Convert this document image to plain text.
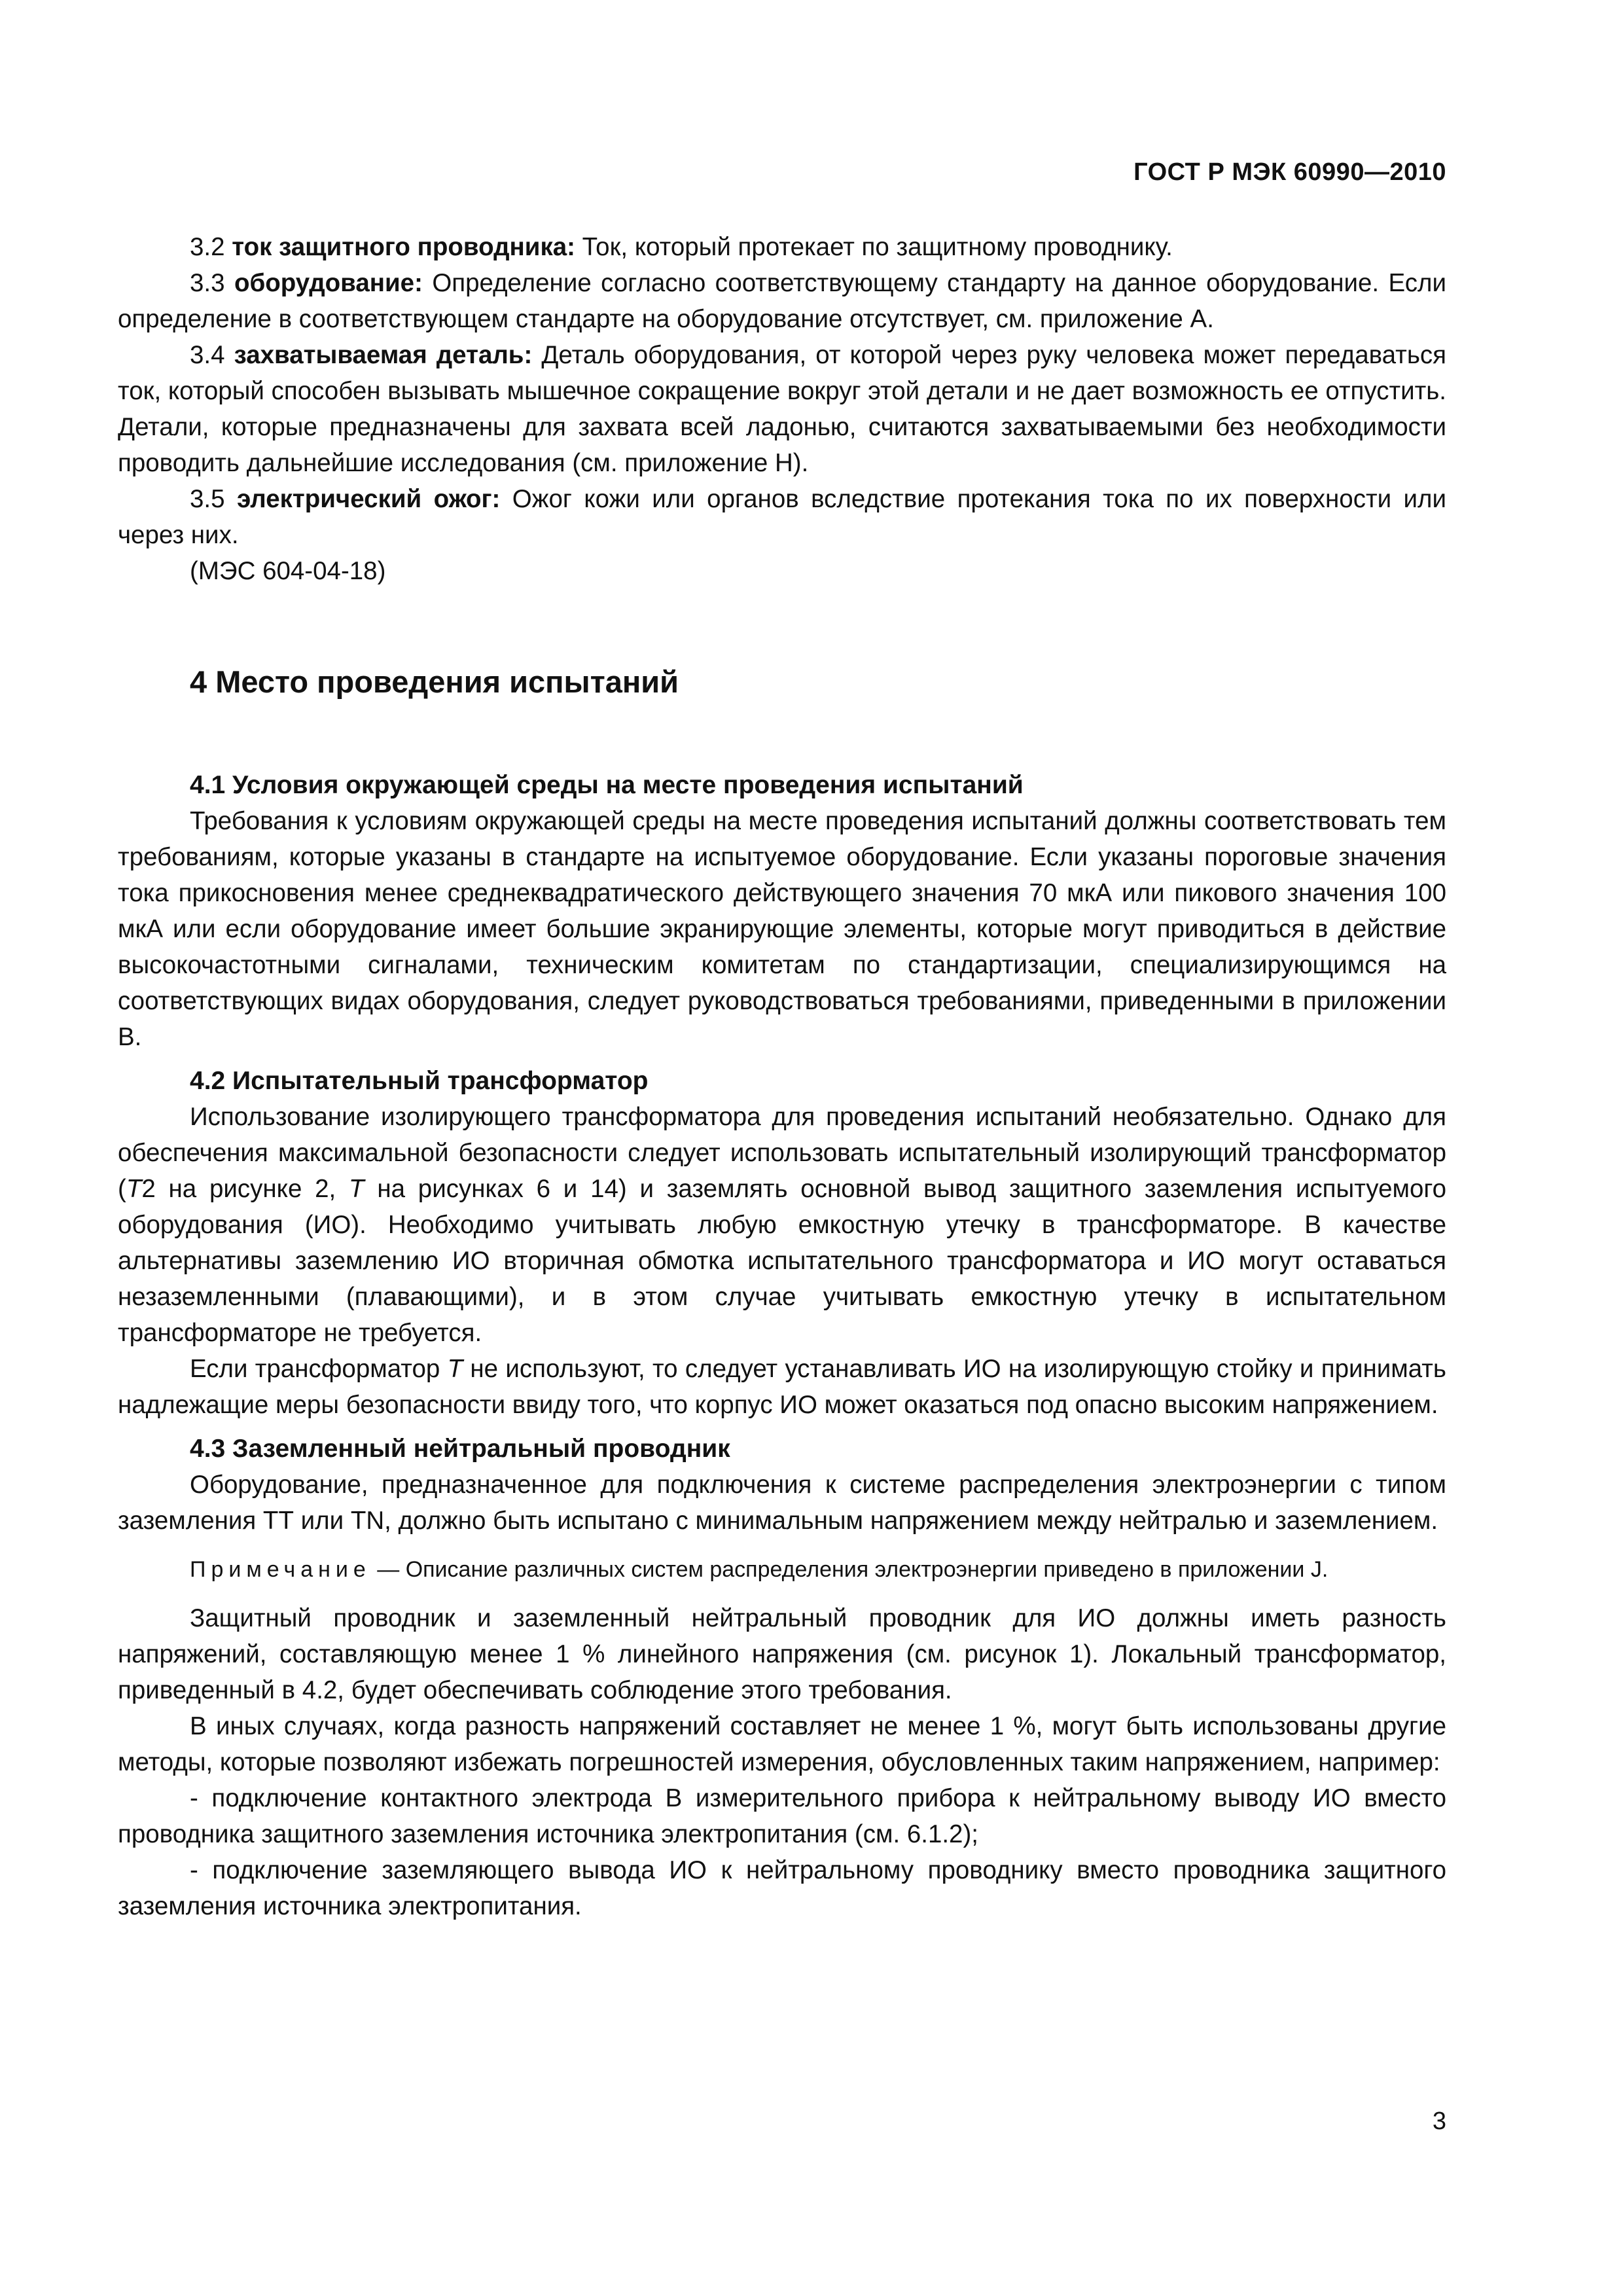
ГОСТ Р МЭК 60990—2010

3.2 ток защитного проводника: Ток, который протекает по защитному проводнику.

3.3 оборудование: Определение согласно соответствующему стандарту на данное оборудование. Если определение в соответствующем стандарте на оборудование отсутствует, см. приложение А.

3.4 захватываемая деталь: Деталь оборудования, от которой через руку человека может передаваться ток, который способен вызывать мышечное сокращение вокруг этой детали и не дает возможность ее отпустить. Детали, которые предназначены для захвата всей ладонью, считаются захватываемыми без необходимости проводить дальнейшие исследования (см. приложение Н).

3.5 электрический ожог: Ожог кожи или органов вследствие протекания тока по их поверхности или через них.

(МЭС 604-04-18)

4 Место проведения испытаний
4.1 Условия окружающей среды на месте проведения испытаний

Требования к условиям окружающей среды на месте проведения испытаний должны соответствовать тем требованиям, которые указаны в стандарте на испытуемое оборудование. Если указаны пороговые значения тока прикосновения менее среднеквадратического действующего значения 70 мкА или пикового значения 100 мкА или если оборудование имеет большие экранирующие элементы, которые могут приводиться в действие высокочастотными сигналами, техническим комитетам по стандартизации, специализирующимся на соответствующих видах оборудования, следует руководствоваться требованиями, приведенными в приложении В.

4.2 Испытательный трансформатор

Использование изолирующего трансформатора для проведения испытаний необязательно. Однако для обеспечения максимальной безопасности следует использовать испытательный изолирующий трансформатор (Т2 на рисунке 2, Т на рисунках 6 и 14) и заземлять основной вывод защитного заземления испытуемого оборудования (ИО). Необходимо учитывать любую емкостную утечку в трансформаторе. В качестве альтернативы заземлению ИО вторичная обмотка испытательного трансформатора и ИО могут оставаться незаземленными (плавающими), и в этом случае учитывать емкостную утечку в испытательном трансформаторе не требуется.

Если трансформатор Т не используют, то следует устанавливать ИО на изолирующую стойку и принимать надлежащие меры безопасности ввиду того, что корпус ИО может оказаться под опасно высоким напряжением.

4.3 Заземленный нейтральный проводник

Оборудование, предназначенное для подключения к системе распределения электроэнергии с типом заземления ТТ или TN, должно быть испытано с минимальным напряжением между нейтралью и заземлением.

Примечание — Описание различных систем распределения электроэнергии приведено в приложении J.

Защитный проводник и заземленный нейтральный проводник для ИО должны иметь разность напряжений, составляющую менее 1 % линейного напряжения (см. рисунок 1). Локальный трансформатор, приведенный в 4.2, будет обеспечивать соблюдение этого требования.

В иных случаях, когда разность напряжений составляет не менее 1 %, могут быть использованы другие методы, которые позволяют избежать погрешностей измерения, обусловленных таким напряжением, например:

- подключение контактного электрода В измерительного прибора к нейтральному выводу ИО вместо проводника защитного заземления источника электропитания (см. 6.1.2);

- подключение заземляющего вывода ИО к нейтральному проводнику вместо проводника защитного заземления источника электропитания.

3
